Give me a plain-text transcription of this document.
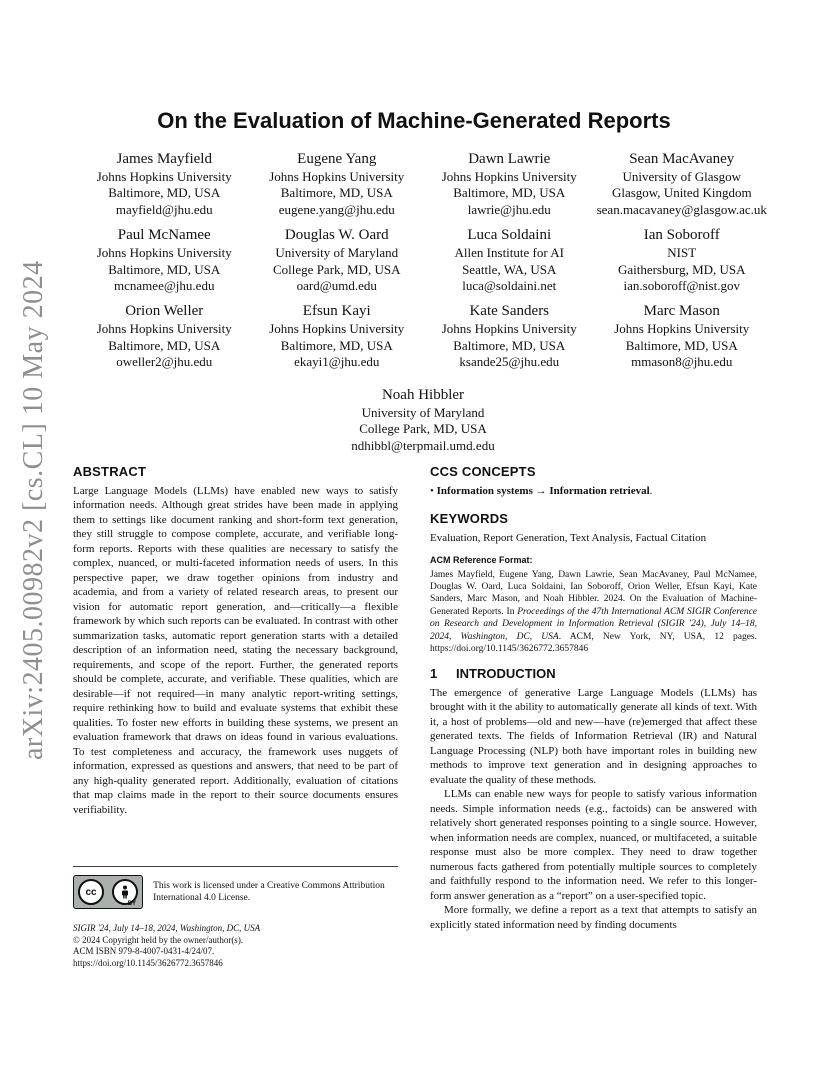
arXiv:2405.00982v2 [cs.CL] 10 May 2024
On the Evaluation of Machine-Generated Reports
James Mayfield
Johns Hopkins University
Baltimore, MD, USA
mayfield@jhu.edu
Eugene Yang
Johns Hopkins University
Baltimore, MD, USA
eugene.yang@jhu.edu
Dawn Lawrie
Johns Hopkins University
Baltimore, MD, USA
lawrie@jhu.edu
Sean MacAvaney
University of Glasgow
Glasgow, United Kingdom
sean.macavaney@glasgow.ac.uk
Paul McNamee
Johns Hopkins University
Baltimore, MD, USA
mcnamee@jhu.edu
Douglas W. Oard
University of Maryland
College Park, MD, USA
oard@umd.edu
Luca Soldaini
Allen Institute for AI
Seattle, WA, USA
luca@soldaini.net
Ian Soboroff
NIST
Gaithersburg, MD, USA
ian.soboroff@nist.gov
Orion Weller
Johns Hopkins University
Baltimore, MD, USA
oweller2@jhu.edu
Efsun Kayi
Johns Hopkins University
Baltimore, MD, USA
ekayi1@jhu.edu
Kate Sanders
Johns Hopkins University
Baltimore, MD, USA
ksande25@jhu.edu
Marc Mason
Johns Hopkins University
Baltimore, MD, USA
mmason8@jhu.edu
Noah Hibbler
University of Maryland
College Park, MD, USA
ndhibbl@terpmail.umd.edu
ABSTRACT

Large Language Models (LLMs) have enabled new ways to satisfy information needs. Although great strides have been made in applying them to settings like document ranking and short-form text generation, they still struggle to compose complete, accurate, and verifiable long-form reports. Reports with these qualities are necessary to satisfy the complex, nuanced, or multi-faceted information needs of users. In this perspective paper, we draw together opinions from industry and academia, and from a variety of related research areas, to present our vision for automatic report generation, and—critically—a flexible framework by which such reports can be evaluated. In contrast with other summarization tasks, automatic report generation starts with a detailed description of an information need, stating the necessary background, requirements, and scope of the report. Further, the generated reports should be complete, accurate, and verifiable. These qualities, which are desirable—if not required—in many analytic report-writing settings, require rethinking how to build and evaluate systems that exhibit these qualities. To foster new efforts in building these systems, we present an evaluation framework that draws on ideas found in various evaluations. To test completeness and accuracy, the framework uses nuggets of information, expressed as questions and answers, that need to be part of any high-quality generated report. Additionally, evaluation of citations that map claims made in the report to their source documents ensures verifiability.

cc
BY
This work is licensed under a Creative Commons Attribution International 4.0 License.
SIGIR '24, July 14–18, 2024, Washington, DC, USA
© 2024 Copyright held by the owner/author(s).
ACM ISBN 979-8-4007-0431-4/24/07.
https://doi.org/10.1145/3626772.3657846
CCS CONCEPTS

• Information systems → Information retrieval.

KEYWORDS

Evaluation, Report Generation, Text Analysis, Factual Citation

ACM Reference Format:

James Mayfield, Eugene Yang, Dawn Lawrie, Sean MacAvaney, Paul McNamee, Douglas W. Oard, Luca Soldaini, Ian Soboroff, Orion Weller, Efsun Kayi, Kate Sanders, Marc Mason, and Noah Hibbler. 2024. On the Evaluation of Machine-Generated Reports. In Proceedings of the 47th International ACM SIGIR Conference on Research and Development in Information Retrieval (SIGIR '24), July 14–18, 2024, Washington, DC, USA. ACM, New York, NY, USA, 12 pages. https://doi.org/10.1145/3626772.3657846

1 INTRODUCTION

The emergence of generative Large Language Models (LLMs) has brought with it the ability to automatically generate all kinds of text. With it, a host of problems—old and new—have (re)emerged that affect these generated texts. The fields of Information Retrieval (IR) and Natural Language Processing (NLP) both have important roles in building new methods to improve text generation and in designing approaches to evaluate the quality of these methods.

LLMs can enable new ways for people to satisfy various information needs. Simple information needs (e.g., factoids) can be answered with relatively short generated responses pointing to a single source. However, when information needs are complex, nuanced, or multifaceted, a suitable response must also be more complex. They need to draw together numerous facts gathered from potentially multiple sources to completely and faithfully respond to the information need. We refer to this longer-form answer generation as a “report” on a user-specified topic.

More formally, we define a report as a text that attempts to satisfy an explicitly stated information need by finding documents
